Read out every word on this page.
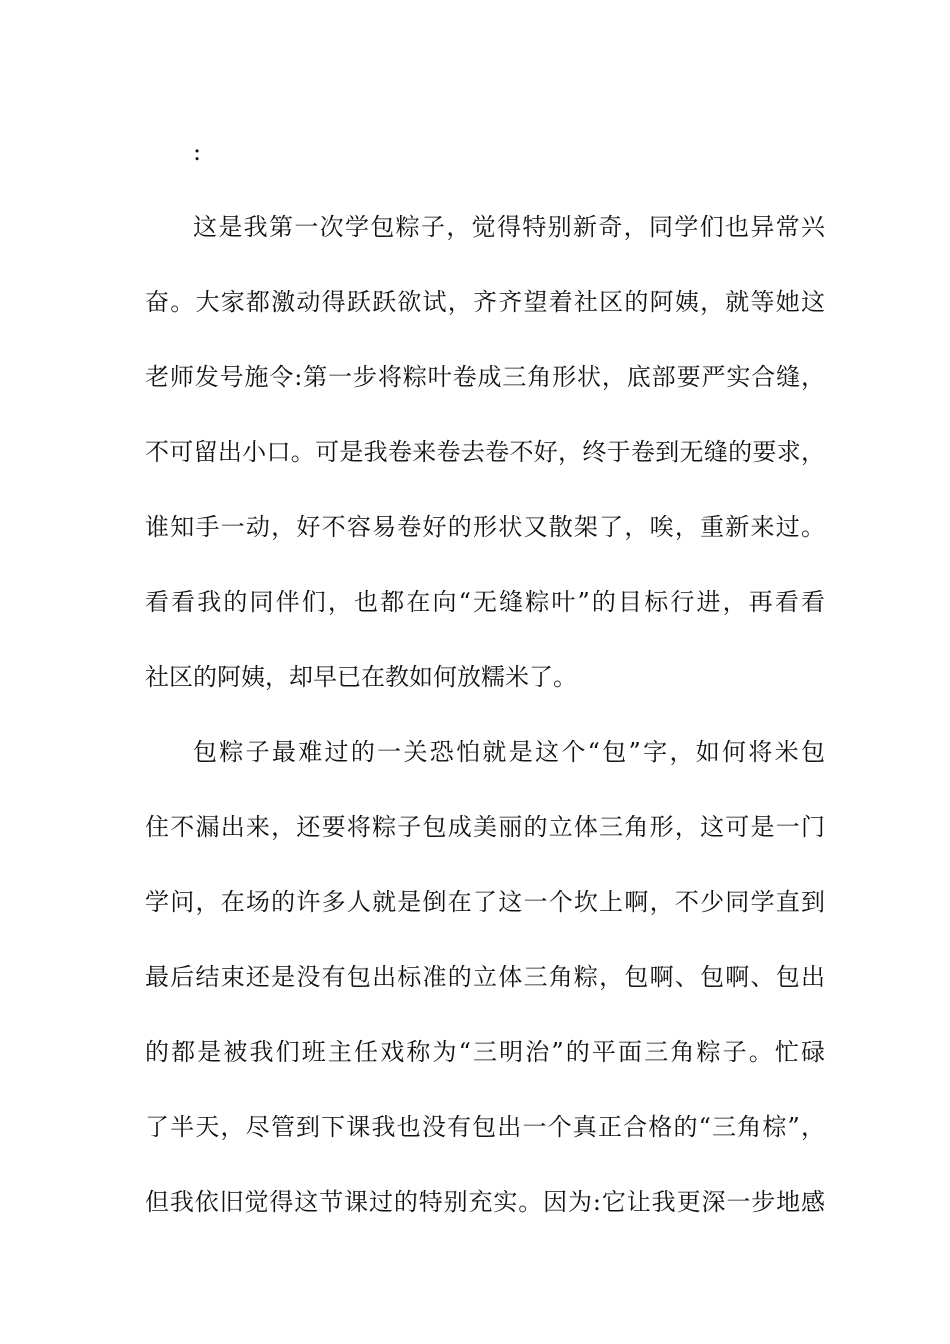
:
这是我第一次学包粽子，觉得特别新奇，同学们也异常兴
奋。大家都激动得跃跃欲试，齐齐望着社区的阿姨，就等她这
老师发号施令:第一步将粽叶卷成三角形状，底部要严实合缝，
不可留出小口。可是我卷来卷去卷不好，终于卷到无缝的要求，
谁知手一动，好不容易卷好的形状又散架了，唉，重新来过。
看看我的同伴们，也都在向“无缝粽叶”的目标行进，再看看
社区的阿姨，却早已在教如何放糯米了。
包粽子最难过的一关恐怕就是这个“包”字，如何将米包
住不漏出来，还要将粽子包成美丽的立体三角形，这可是一门
学问，在场的许多人就是倒在了这一个坎上啊，不少同学直到
最后结束还是没有包出标准的立体三角粽，包啊、包啊、包出
的都是被我们班主任戏称为“三明治”的平面三角粽子。忙碌
了半天，尽管到下课我也没有包出一个真正合格的“三角棕”，
但我依旧觉得这节课过的特别充实。因为:它让我更深一步地感
